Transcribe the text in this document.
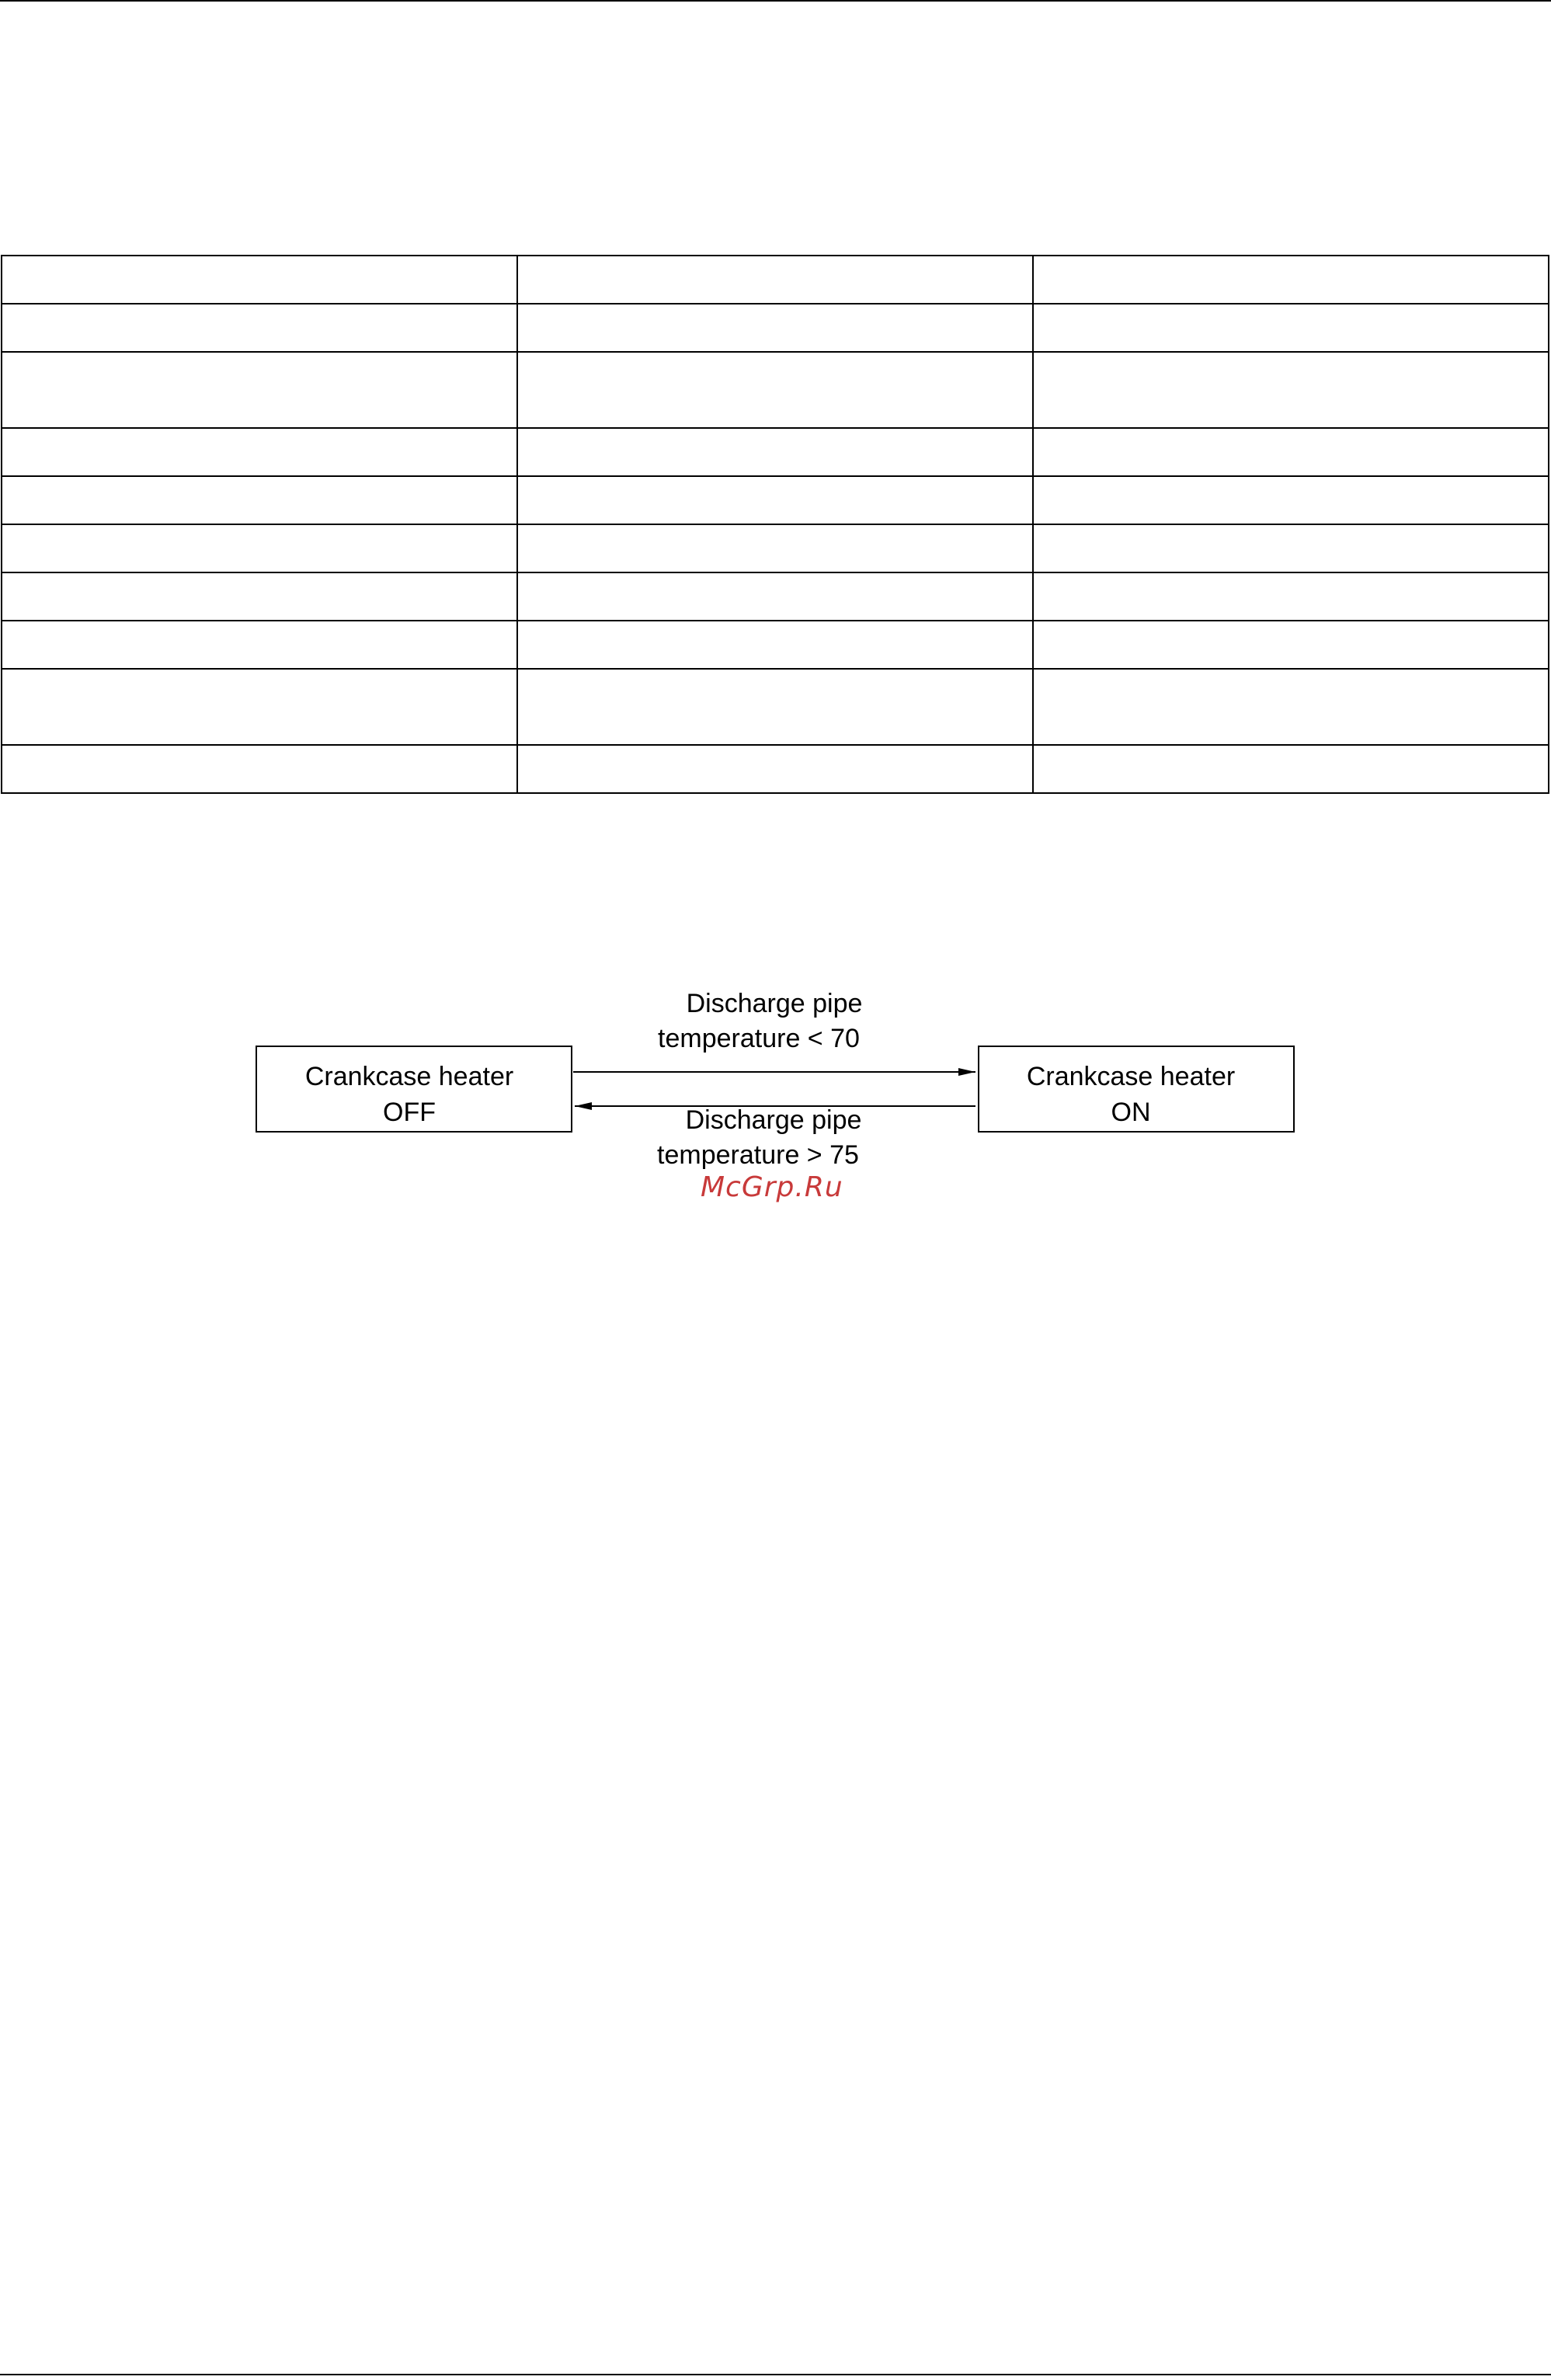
Crankcase heater
OFF
Crankcase heater
ON
Discharge pipe
temperature < 70
Discharge pipe
temperature > 75
McGrp.Ru
